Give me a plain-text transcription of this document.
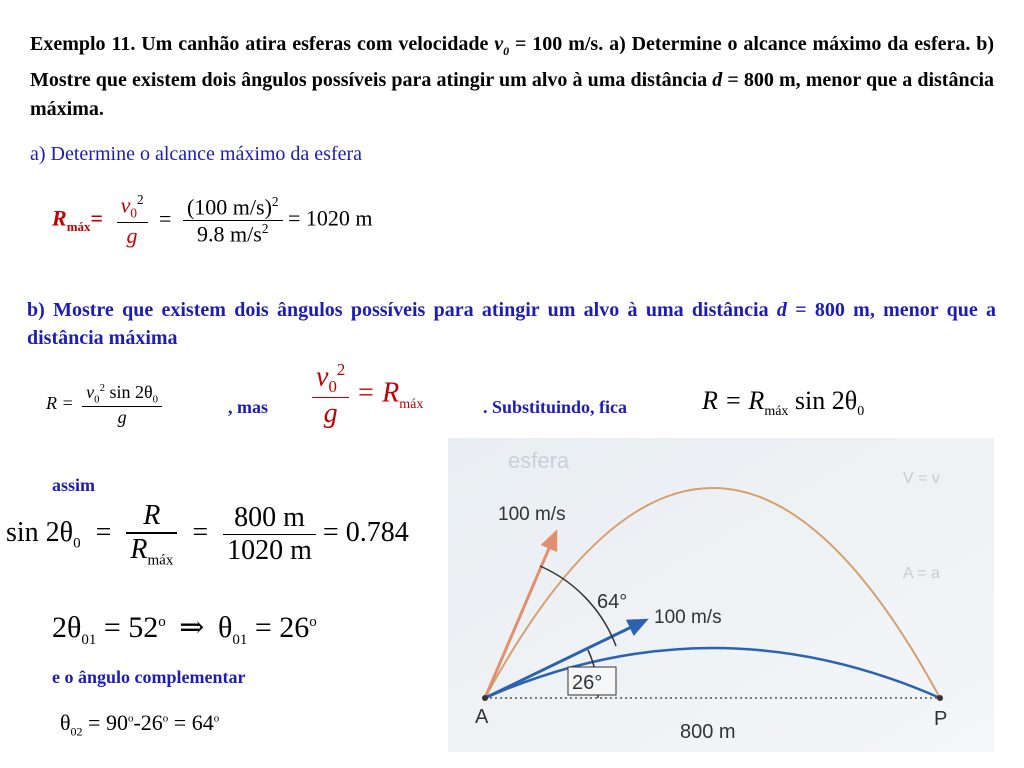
Exemplo 11. Um canhão atira esferas com velocidade $v_0 = 100$ m/s. a) Determine o alcance máximo da esfera. b) Mostre que existem dois ângulos possíveis para atingir um alvo à uma distância d = 800 m, menor que a distância máxima.
a) Determine o alcance máximo da esfera
$R_{máx}= \frac{v_0^2}{g} = \frac{(100 m/s)^2}{9.8 m/s^2} = 1020$ m
b) Mostre que existem dois ângulos possíveis para atingir um alvo à uma distância d = 800 m, menor que a distância máxima
$R = \frac{v_0^2 \sin 2\theta_0}{g}$	, mas $\frac{v_0^2}{g} = R_{máx}$	. Substituindo, fica	$R = R_{máx}$ $\sin 2\theta_0$
assim
$\sin 2\theta_0 = \frac{R}{R_{máx}} = \frac{800 m}{1020 m} = 0.784$
$2\theta_{01} = 52^o$ ⇒ $\theta_{01} = 26^o$
e o ângulo complementar
$\theta_{02} = 90^o-26^o = 64^o$
esfera
V = v
A = a
100 m/s
100 m/s
64°
26°
A	P
800 m
